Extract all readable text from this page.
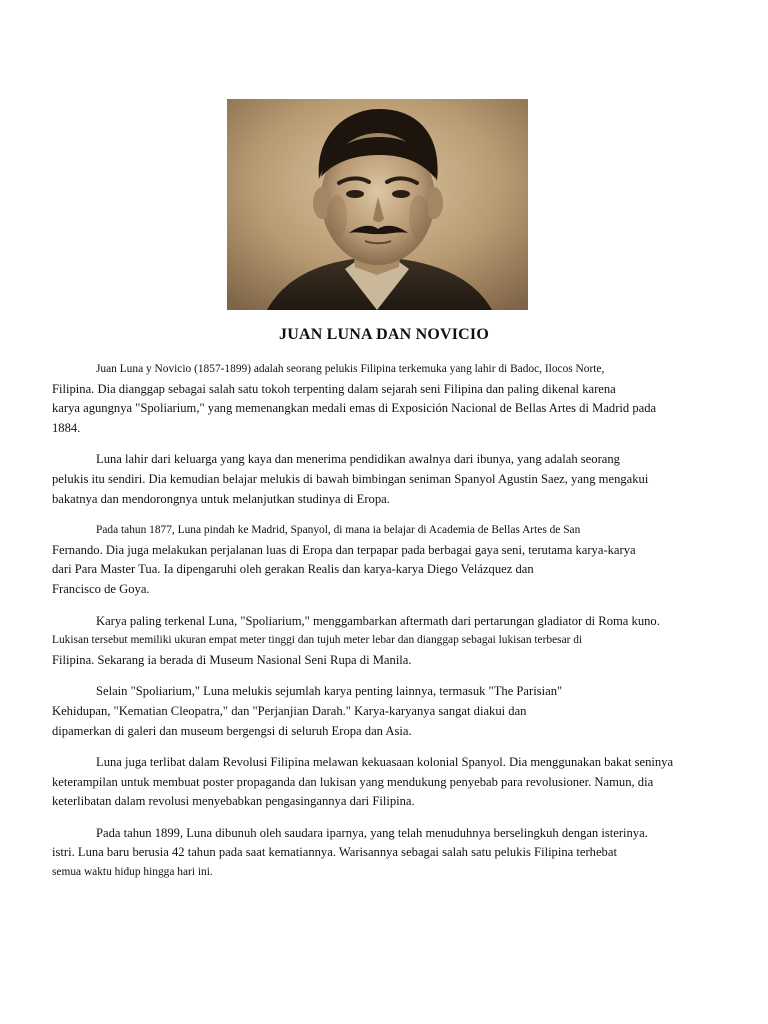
JUAN LUNA DAN NOVICIO

Juan Luna y Novicio (1857-1899) adalah seorang pelukis Filipina terkemuka yang lahir di Badoc, Ilocos Norte,
Filipina. Dia dianggap sebagai salah satu tokoh terpenting dalam sejarah seni Filipina dan paling dikenal karena
karya agungnya "Spoliarium," yang memenangkan medali emas di Exposición Nacional de Bellas Artes di Madrid pada
1884.

Luna lahir dari keluarga yang kaya dan menerima pendidikan awalnya dari ibunya, yang adalah seorang
pelukis itu sendiri. Dia kemudian belajar melukis di bawah bimbingan seniman Spanyol Agustin Saez, yang mengakui
bakatnya dan mendorongnya untuk melanjutkan studinya di Eropa.

Pada tahun 1877, Luna pindah ke Madrid, Spanyol, di mana ia belajar di Academia de Bellas Artes de San
Fernando. Dia juga melakukan perjalanan luas di Eropa dan terpapar pada berbagai gaya seni, terutama karya-karya
dari Para Master Tua. Ia dipengaruhi oleh gerakan Realis dan karya-karya Diego Velázquez dan
Francisco de Goya.

Karya paling terkenal Luna, "Spoliarium," menggambarkan aftermath dari pertarungan gladiator di Roma kuno.
Lukisan tersebut memiliki ukuran empat meter tinggi dan tujuh meter lebar dan dianggap sebagai lukisan terbesar di
Filipina. Sekarang ia berada di Museum Nasional Seni Rupa di Manila.

Selain "Spoliarium," Luna melukis sejumlah karya penting lainnya, termasuk "The Parisian"
Kehidupan, "Kematian Cleopatra," dan "Perjanjian Darah." Karya-karyanya sangat diakui dan
dipamerkan di galeri dan museum bergengsi di seluruh Eropa dan Asia.

Luna juga terlibat dalam Revolusi Filipina melawan kekuasaan kolonial Spanyol. Dia menggunakan bakat seninya
keterampilan untuk membuat poster propaganda dan lukisan yang mendukung penyebab para revolusioner. Namun, dia
keterlibatan dalam revolusi menyebabkan pengasingannya dari Filipina.

Pada tahun 1899, Luna dibunuh oleh saudara iparnya, yang telah menuduhnya berselingkuh dengan isterinya.
istri. Luna baru berusia 42 tahun pada saat kematiannya. Warisannya sebagai salah satu pelukis Filipina terhebat
semua waktu hidup hingga hari ini.
